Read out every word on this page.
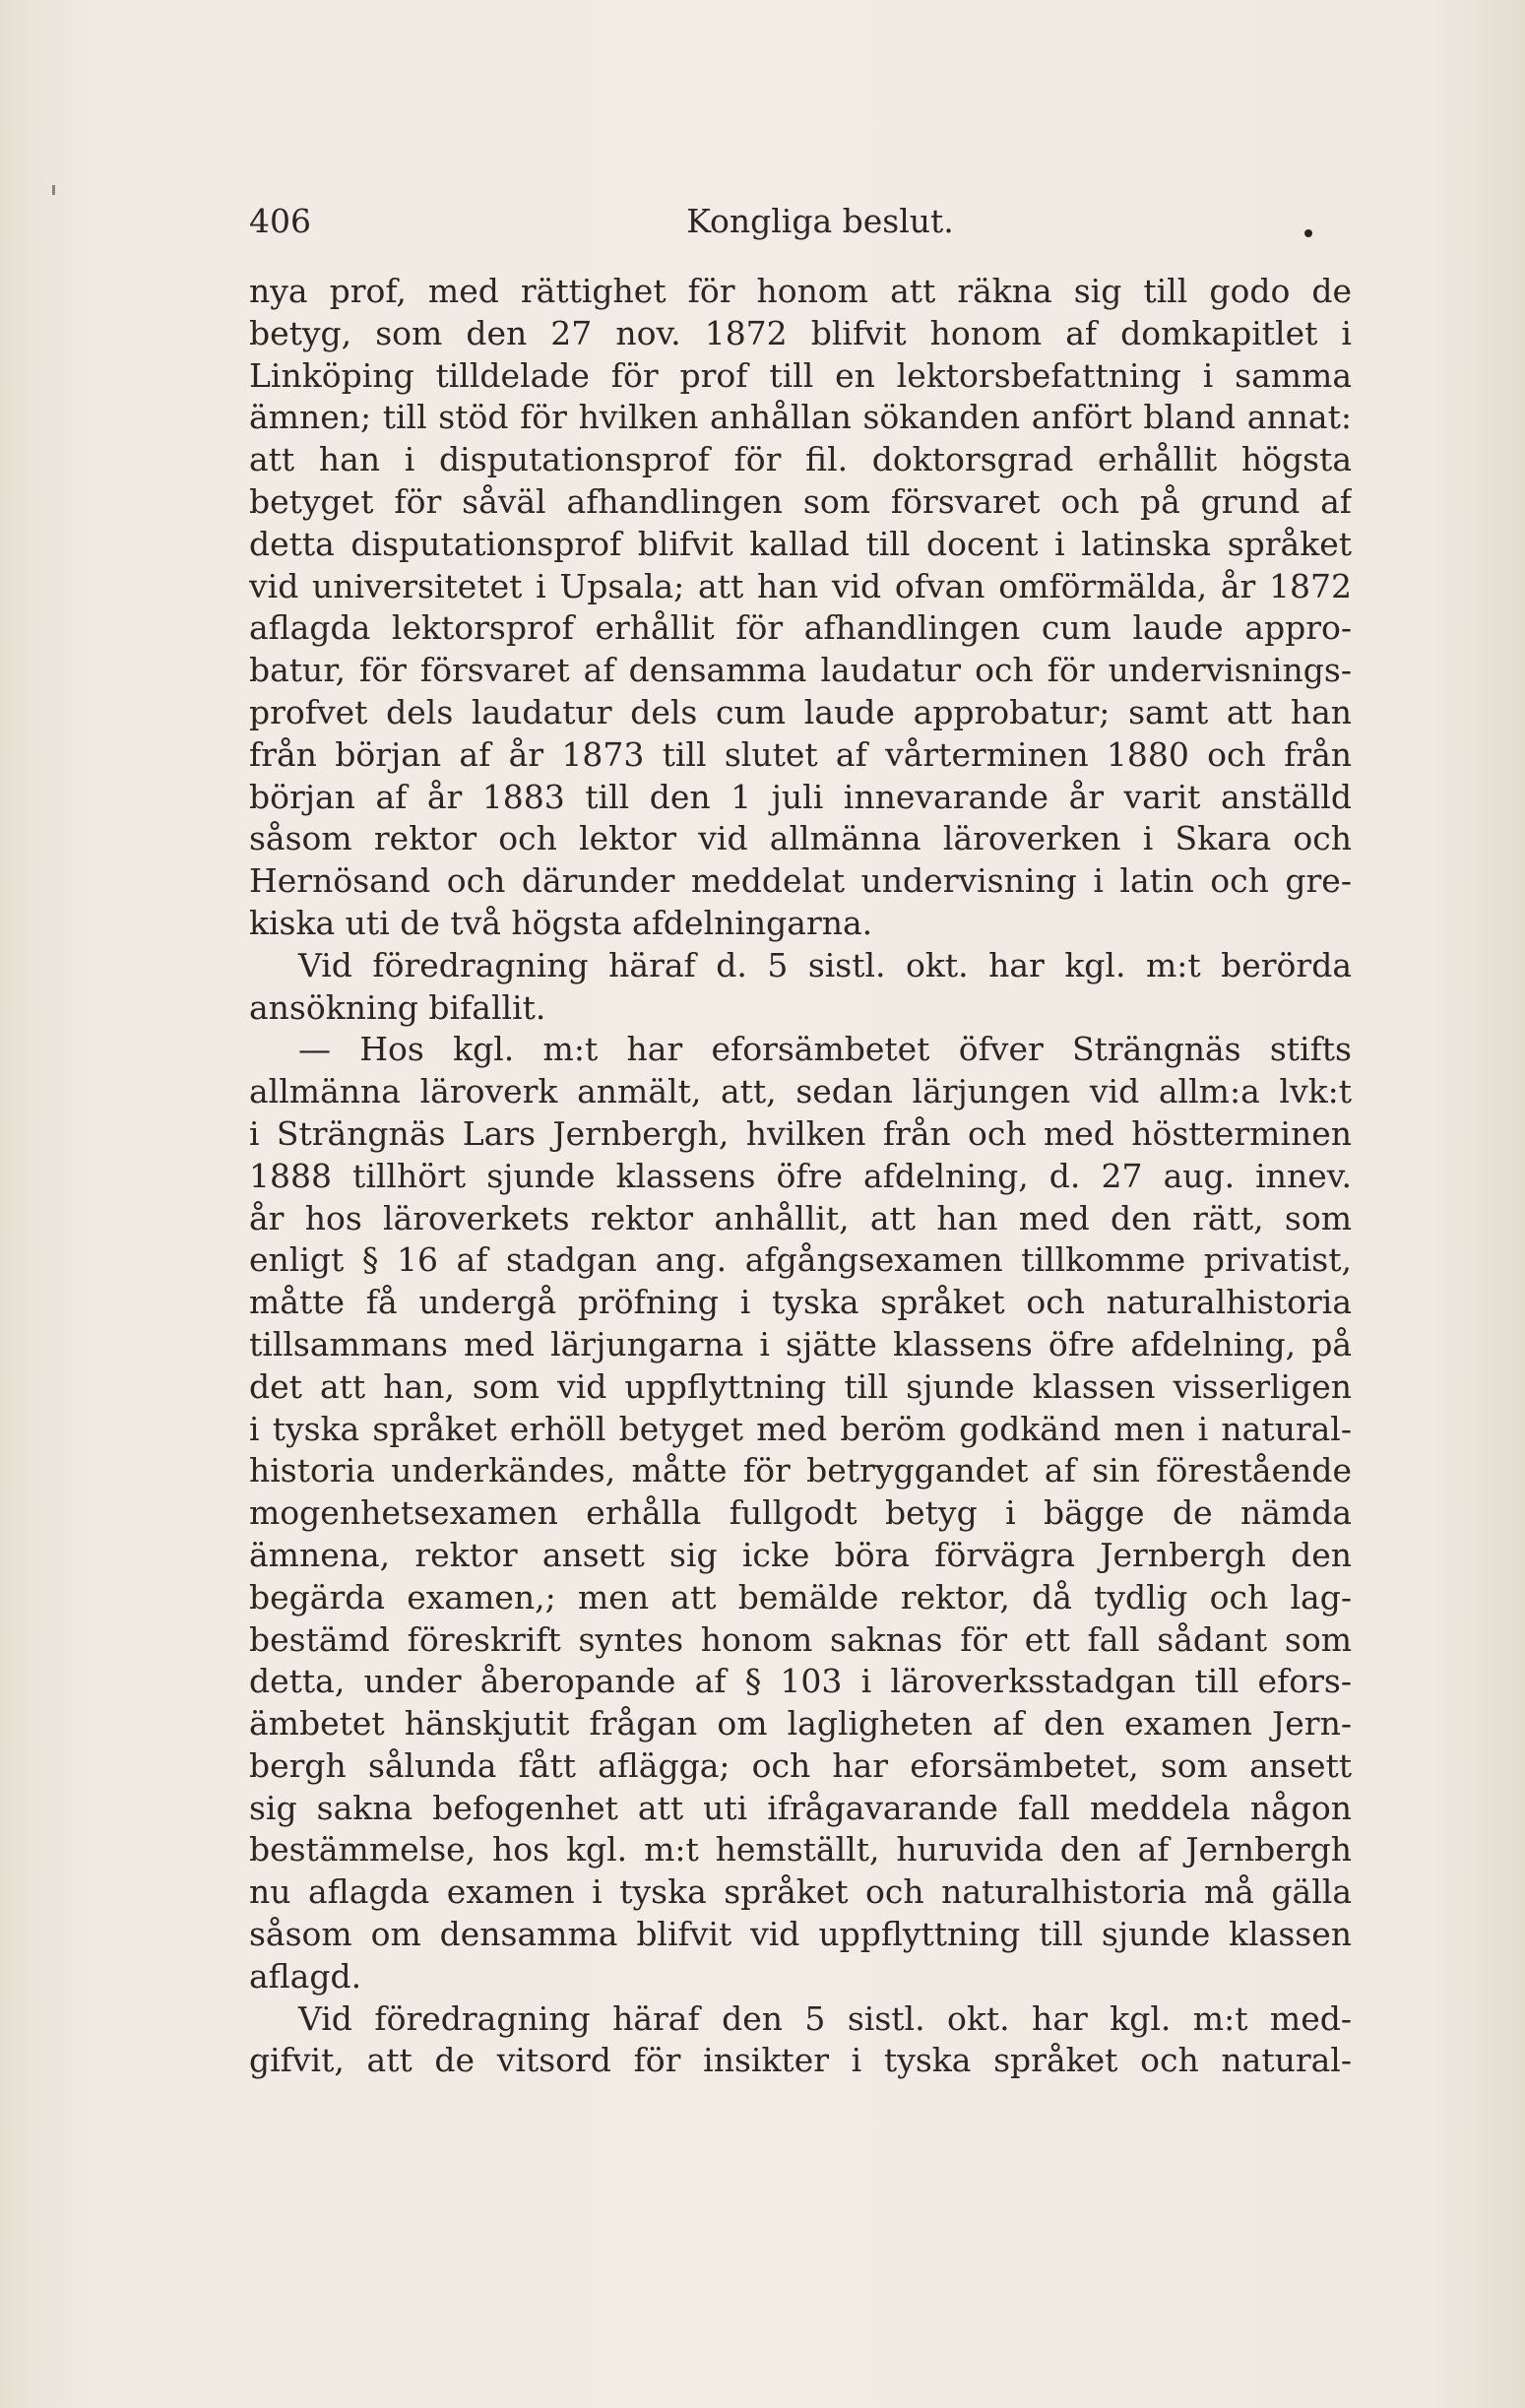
406	Kongliga beslut.
nya prof, med rättighet för honom att räkna sig till godo de
betyg, som den 27 nov. 1872 blifvit honom af domkapitlet i
Linköping tilldelade för prof till en lektorsbefattning i samma
ämnen; till stöd för hvilken anhållan sökanden anfört bland annat:
att han i disputationsprof för fil. doktorsgrad erhållit högsta
betyget för såväl afhandlingen som försvaret och på grund af
detta disputationsprof blifvit kallad till docent i latinska språket
vid universitetet i Upsala; att han vid ofvan omförmälda, år 1872
aflagda lektorsprof erhållit för afhandlingen cum laude appro-
batur, för försvaret af densamma laudatur och för undervisnings-
profvet dels laudatur dels cum laude approbatur; samt att han
från början af år 1873 till slutet af vårterminen 1880 och från
början af år 1883 till den 1 juli innevarande år varit anställd
såsom rektor och lektor vid allmänna läroverken i Skara och
Hernösand och därunder meddelat undervisning i latin och gre-
kiska uti de två högsta afdelningarna.
Vid föredragning häraf d. 5 sistl. okt. har kgl. m:t berörda
ansökning bifallit.
— Hos kgl. m:t har eforsämbetet öfver Strängnäs stifts
allmänna läroverk anmält, att, sedan lärjungen vid allm:a lvk:t
i Strängnäs Lars Jernbergh, hvilken från och med höstterminen
1888 tillhört sjunde klassens öfre afdelning, d. 27 aug. innev.
år hos läroverkets rektor anhållit, att han med den rätt, som
enligt § 16 af stadgan ang. afgångsexamen tillkomme privatist,
måtte få undergå pröfning i tyska språket och naturalhistoria
tillsammans med lärjungarna i sjätte klassens öfre afdelning, på
det att han, som vid uppflyttning till sjunde klassen visserligen
i tyska språket erhöll betyget med beröm godkänd men i natural-
historia underkändes, måtte för betryggandet af sin förestående
mogenhetsexamen erhålla fullgodt betyg i bägge de nämda
ämnena, rektor ansett sig icke böra förvägra Jernbergh den
begärda examen,; men att bemälde rektor, då tydlig och lag-
bestämd föreskrift syntes honom saknas för ett fall sådant som
detta, under åberopande af § 103 i läroverksstadgan till efors-
ämbetet hänskjutit frågan om lagligheten af den examen Jern-
bergh sålunda fått aflägga; och har eforsämbetet, som ansett
sig sakna befogenhet att uti ifrågavarande fall meddela någon
bestämmelse, hos kgl. m:t hemställt, huruvida den af Jernbergh
nu aflagda examen i tyska språket och naturalhistoria må gälla
såsom om densamma blifvit vid uppflyttning till sjunde klassen
aflagd.
Vid föredragning häraf den 5 sistl. okt. har kgl. m:t med-
gifvit, att de vitsord för insikter i tyska språket och natural-
